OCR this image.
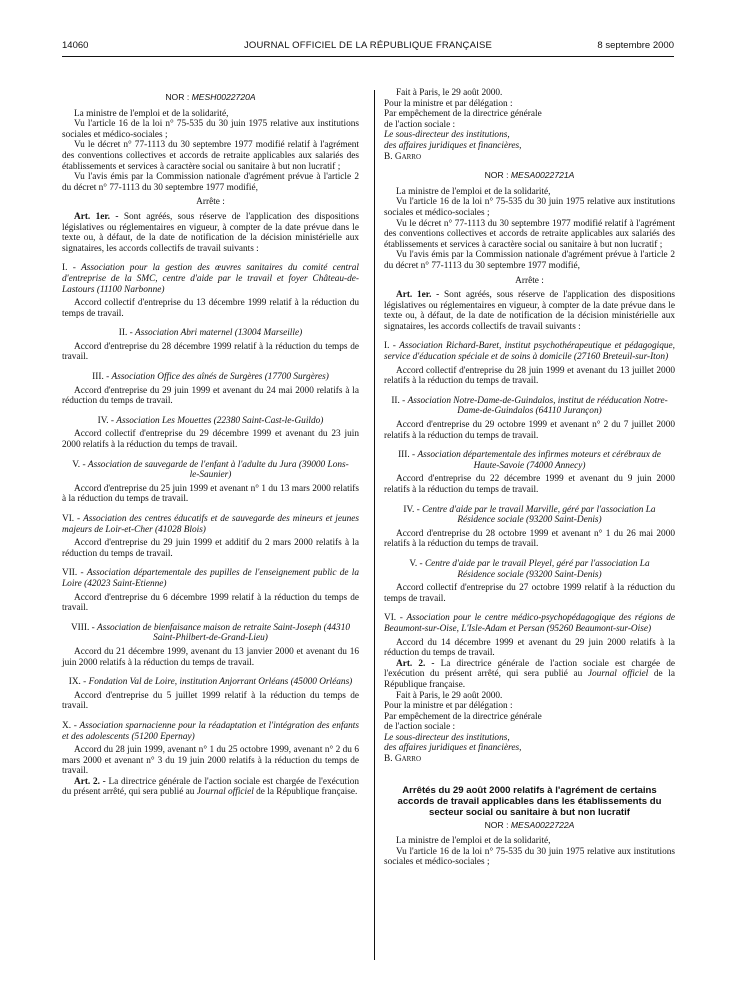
14060	JOURNAL OFFICIEL DE LA RÉPUBLIQUE FRANÇAISE	8 septembre 2000
NOR : MESH0022720A

La ministre de l'emploi et de la solidarité,

Vu l'article 16 de la loi n° 75-535 du 30 juin 1975 relative aux institutions sociales et médico-sociales ;

Vu le décret n° 77-1113 du 30 septembre 1977 modifié relatif à l'agrément des conventions collectives et accords de retraite applicables aux salariés des établissements et services à caractère social ou sanitaire à but non lucratif ;

Vu l'avis émis par la Commission nationale d'agrément prévue à l'article 2 du décret n° 77-1113 du 30 septembre 1977 modifié,

Arrête :

Art. 1er. - Sont agréés, sous réserve de l'application des dispositions législatives ou réglementaires en vigueur, à compter de la date prévue dans le texte ou, à défaut, de la date de notification de la décision ministérielle aux signataires, les accords collectifs de travail suivants :

I. - Association pour la gestion des œuvres sanitaires du comité central d'entreprise de la SMC, centre d'aide par le travail et foyer Château-de-Lastours (11100 Narbonne)

Accord collectif d'entreprise du 13 décembre 1999 relatif à la réduction du temps de travail.

II. - Association Abri maternel (13004 Marseille)

Accord d'entreprise du 28 décembre 1999 relatif à la réduction du temps de travail.

III. - Association Office des aînés de Surgères (17700 Surgères)

Accord d'entreprise du 29 juin 1999 et avenant du 24 mai 2000 relatifs à la réduction du temps de travail.

IV. - Association Les Mouettes (22380 Saint-Cast-le-Guildo)

Accord collectif d'entreprise du 29 décembre 1999 et avenant du 23 juin 2000 relatifs à la réduction du temps de travail.

V. - Association de sauvegarde de l'enfant à l'adulte du Jura (39000 Lons-le-Saunier)

Accord d'entreprise du 25 juin 1999 et avenant n° 1 du 13 mars 2000 relatifs à la réduction du temps de travail.

VI. - Association des centres éducatifs et de sauvegarde des mineurs et jeunes majeurs de Loir-et-Cher (41028 Blois)

Accord d'entreprise du 29 juin 1999 et additif du 2 mars 2000 relatifs à la réduction du temps de travail.

VII. - Association départementale des pupilles de l'enseignement public de la Loire (42023 Saint-Etienne)

Accord d'entreprise du 6 décembre 1999 relatif à la réduction du temps de travail.

VIII. - Association de bienfaisance maison de retraite Saint-Joseph (44310 Saint-Philbert-de-Grand-Lieu)

Accord du 21 décembre 1999, avenant du 13 janvier 2000 et avenant du 16 juin 2000 relatifs à la réduction du temps de travail.

IX. - Fondation Val de Loire, institution Anjorrant Orléans (45000 Orléans)

Accord d'entreprise du 5 juillet 1999 relatif à la réduction du temps de travail.

X. - Association sparnacienne pour la réadaptation et l'intégration des enfants et des adolescents (51200 Epernay)

Accord du 28 juin 1999, avenant n° 1 du 25 octobre 1999, avenant n° 2 du 6 mars 2000 et avenant n° 3 du 19 juin 2000 relatifs à la réduction du temps de travail.

Art. 2. - La directrice générale de l'action sociale est chargée de l'exécution du présent arrêté, qui sera publié au Journal officiel de la République française.

Fait à Paris, le 29 août 2000.

Pour la ministre et par délégation :

Par empêchement de la directrice générale

de l'action sociale :

Le sous-directeur des institutions,

des affaires juridiques et financières,

B. Garro

NOR : MESA0022721A

La ministre de l'emploi et de la solidarité,

Vu l'article 16 de la loi n° 75-535 du 30 juin 1975 relative aux institutions sociales et médico-sociales ;

Vu le décret n° 77-1113 du 30 septembre 1977 modifié relatif à l'agrément des conventions collectives et accords de retraite applicables aux salariés des établissements et services à caractère social ou sanitaire à but non lucratif ;

Vu l'avis émis par la Commission nationale d'agrément prévue à l'article 2 du décret n° 77-1113 du 30 septembre 1977 modifié,

Arrête :

Art. 1er. - Sont agréés, sous réserve de l'application des dispositions législatives ou réglementaires en vigueur, à compter de la date prévue dans le texte ou, à défaut, de la date de notification de la décision ministérielle aux signataires, les accords collectifs de travail suivants :

I. - Association Richard-Baret, institut psychothérapeutique et pédagogique, service d'éducation spéciale et de soins à domicile (27160 Breteuil-sur-Iton)

Accord collectif d'entreprise du 28 juin 1999 et avenant du 13 juillet 2000 relatifs à la réduction du temps de travail.

II. - Association Notre-Dame-de-Guindalos, institut de rééducation Notre-Dame-de-Guindalos (64110 Jurançon)

Accord d'entreprise du 29 octobre 1999 et avenant n° 2 du 7 juillet 2000 relatifs à la réduction du temps de travail.

III. - Association départementale des infirmes moteurs et cérébraux de Haute-Savoie (74000 Annecy)

Accord d'entreprise du 22 décembre 1999 et avenant du 9 juin 2000 relatifs à la réduction du temps de travail.

IV. - Centre d'aide par le travail Marville, géré par l'association La Résidence sociale (93200 Saint-Denis)

Accord d'entreprise du 28 octobre 1999 et avenant n° 1 du 26 mai 2000 relatifs à la réduction du temps de travail.

V. - Centre d'aide par le travail Pleyel, géré par l'association La Résidence sociale (93200 Saint-Denis)

Accord collectif d'entreprise du 27 octobre 1999 relatif à la réduction du temps de travail.

VI. - Association pour le centre médico-psychopédagogique des régions de Beaumont-sur-Oise, L'Isle-Adam et Persan (95260 Beaumont-sur-Oise)

Accord du 14 décembre 1999 et avenant du 29 juin 2000 relatifs à la réduction du temps de travail.

Art. 2. - La directrice générale de l'action sociale est chargée de l'exécution du présent arrêté, qui sera publié au Journal officiel de la République française.

Fait à Paris, le 29 août 2000.

Pour la ministre et par délégation :

Par empêchement de la directrice générale

de l'action sociale :

Le sous-directeur des institutions,

des affaires juridiques et financières,

B. Garro

Arrêtés du 29 août 2000 relatifs à l'agrément de certains accords de travail applicables dans les établissements du secteur social ou sanitaire à but non lucratif
NOR : MESA0022722A

La ministre de l'emploi et de la solidarité,

Vu l'article 16 de la loi n° 75-535 du 30 juin 1975 relative aux institutions sociales et médico-sociales ;
